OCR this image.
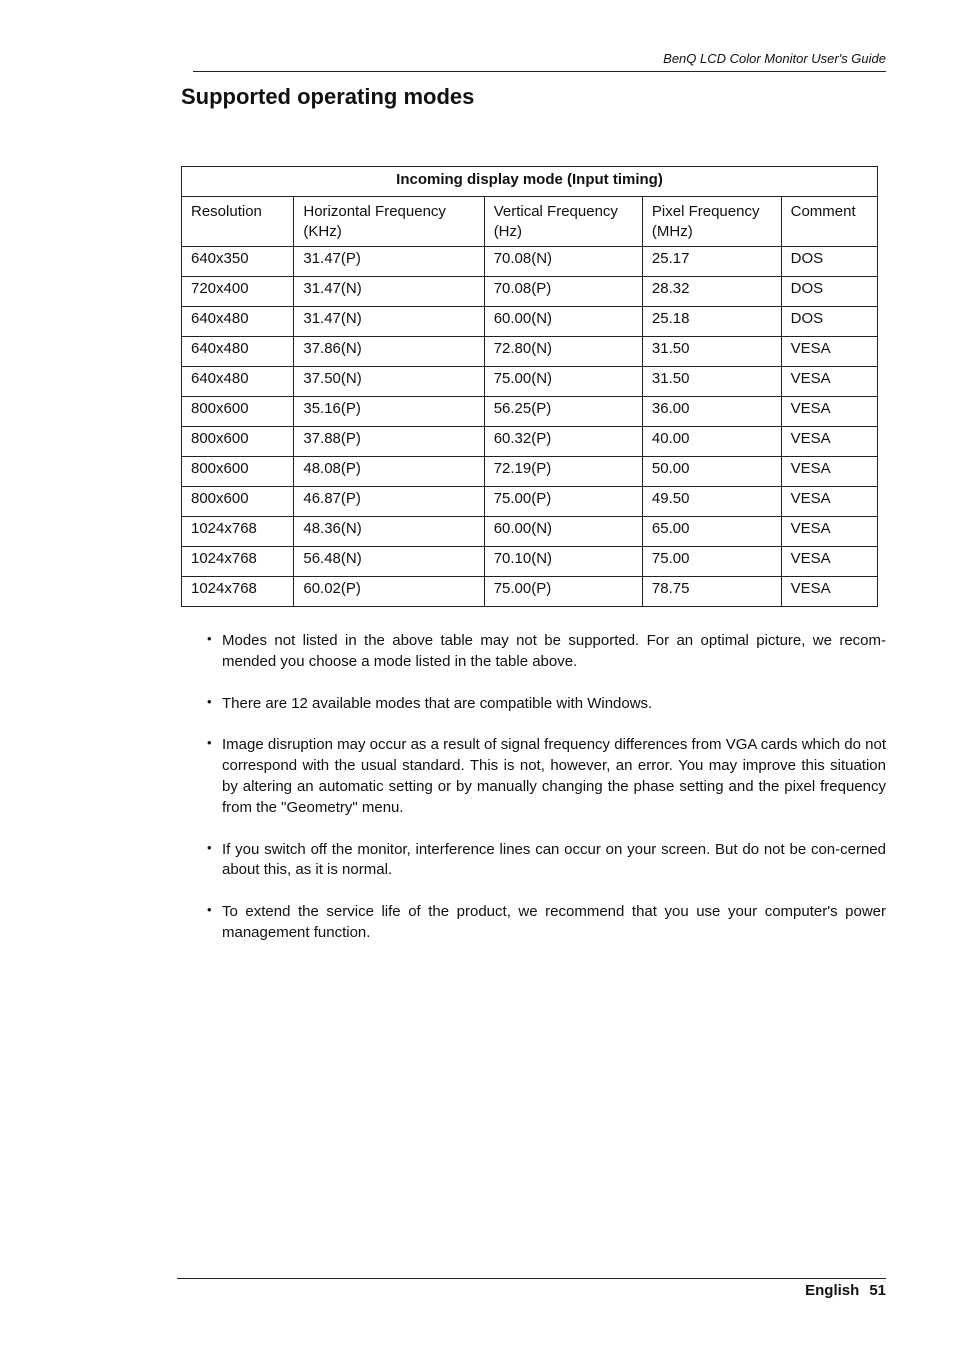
BenQ LCD Color Monitor User's Guide
Supported operating modes
Incoming display mode (Input timing)				
Resolution	Horizontal Frequency (KHz)	Vertical Frequency (Hz)	Pixel Frequency (MHz)	Comment
640x350	31.47(P)	70.08(N)	25.17	DOS
720x400	31.47(N)	70.08(P)	28.32	DOS
640x480	31.47(N)	60.00(N)	25.18	DOS
640x480	37.86(N)	72.80(N)	31.50	VESA
640x480	37.50(N)	75.00(N)	31.50	VESA
800x600	35.16(P)	56.25(P)	36.00	VESA
800x600	37.88(P)	60.32(P)	40.00	VESA
800x600	48.08(P)	72.19(P)	50.00	VESA
800x600	46.87(P)	75.00(P)	49.50	VESA
1024x768	48.36(N)	60.00(N)	65.00	VESA
1024x768	56.48(N)	70.10(N)	75.00	VESA
1024x768	60.02(P)	75.00(P)	78.75	VESA
• Modes not listed in the above table may not be supported. For an optimal picture, we recom-mended you choose a mode listed in the table above.
• There are 12 available modes that are compatible with Windows.
• Image disruption may occur as a result of signal frequency differences from VGA cards which do not correspond with the usual standard. This is not, however, an error. You may improve this situation by altering an automatic setting or by manually changing the phase setting and the pixel frequency from the "Geometry" menu.
• If you switch off the monitor, interference lines can occur on your screen. But do not be con-cerned about this, as it is normal.
• To extend the service life of the product, we recommend that you use your computer's power management function.
English 51
